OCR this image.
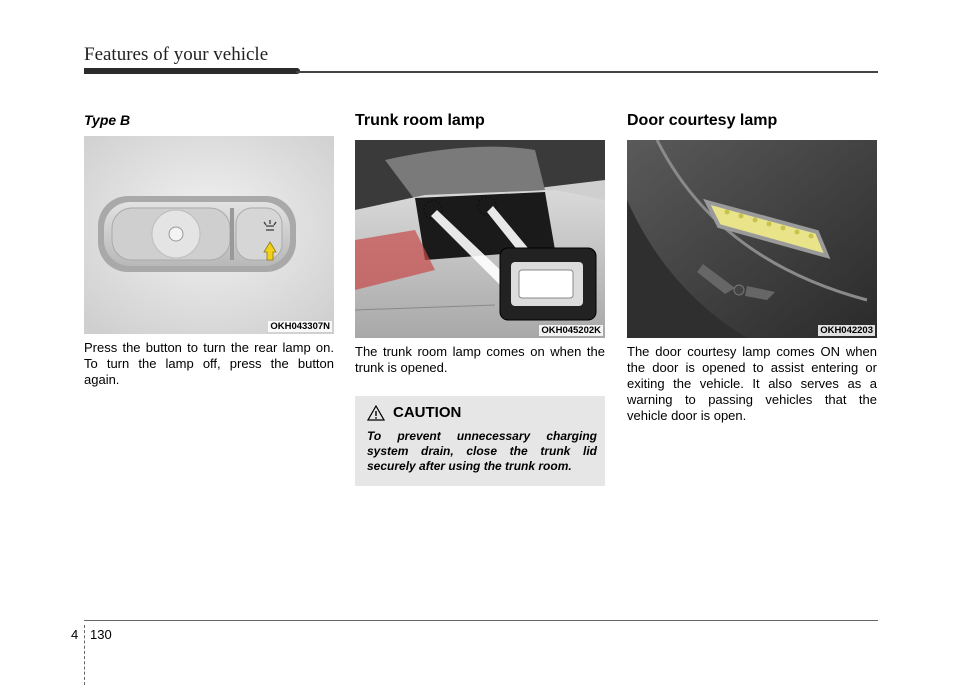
Features of your vehicle
Type B
OKH043307N
Press the button to turn the rear lamp on. To turn the lamp off, press the button again.
Trunk room lamp
OKH045202K
The trunk room lamp comes on when the trunk is opened.
CAUTION
To prevent unnecessary charging system drain, close the trunk lid securely after using the trunk room.
Door courtesy lamp
OKH042203
The door courtesy lamp comes ON when the door is opened to assist entering or exiting the vehicle. It also serves as a warning to passing vehicles that the vehicle door is open.
4 130
